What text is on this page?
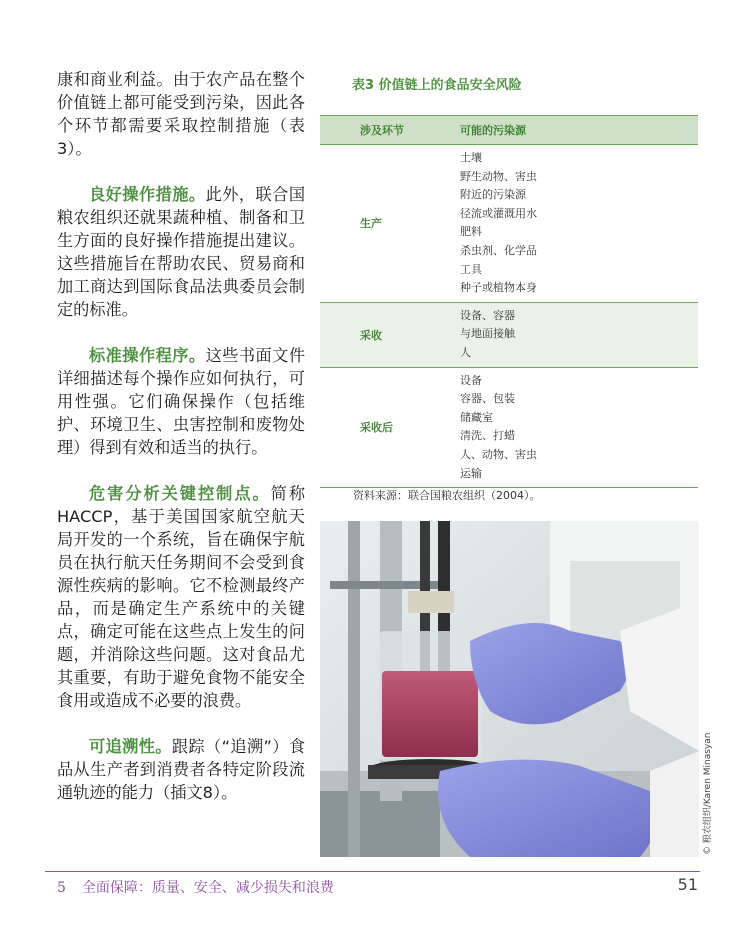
康和商业利益。由于农产品在整个价值链上都可能受到污染，因此各个环节都需要采取控制措施（表3）。

良好操作措施。此外，联合国粮农组织还就果蔬种植、制备和卫生方面的良好操作措施提出建议。这些措施旨在帮助农民、贸易商和加工商达到国际食品法典委员会制定的标准。

标准操作程序。这些书面文件详细描述每个操作应如何执行，可用性强。它们确保操作（包括维护、环境卫生、虫害控制和废物处理）得到有效和适当的执行。

危害分析关键控制点。简称HACCP，基于美国国家航空航天局开发的一个系统，旨在确保宇航员在执行航天任务期间不会受到食源性疾病的影响。它不检测最终产品，而是确定生产系统中的关键点，确定可能在这些点上发生的问题，并消除这些问题。这对食品尤其重要，有助于避免食物不能安全食用或造成不必要的浪费。

可追溯性。跟踪（“追溯”）食品从生产者到消费者各特定阶段流通轨迹的能力（插文8）。

表3 价值链上的食品安全风险
涉及环节	可能的污染源
生产
土壤
野生动物、害虫
附近的污染源
径流或灌溉用水
肥料
杀虫剂、化学品
工具
种子或植物本身
采收
设备、容器
与地面接触
人
采收后
设备
容器、包装
储藏室
清洗、打蜡
人、动物、害虫
运输
资料来源：联合国粮农组织（2004）。
© 粮农组织/Karen Minasyan
5 全面保障：质量、安全、减少损失和浪费	51
